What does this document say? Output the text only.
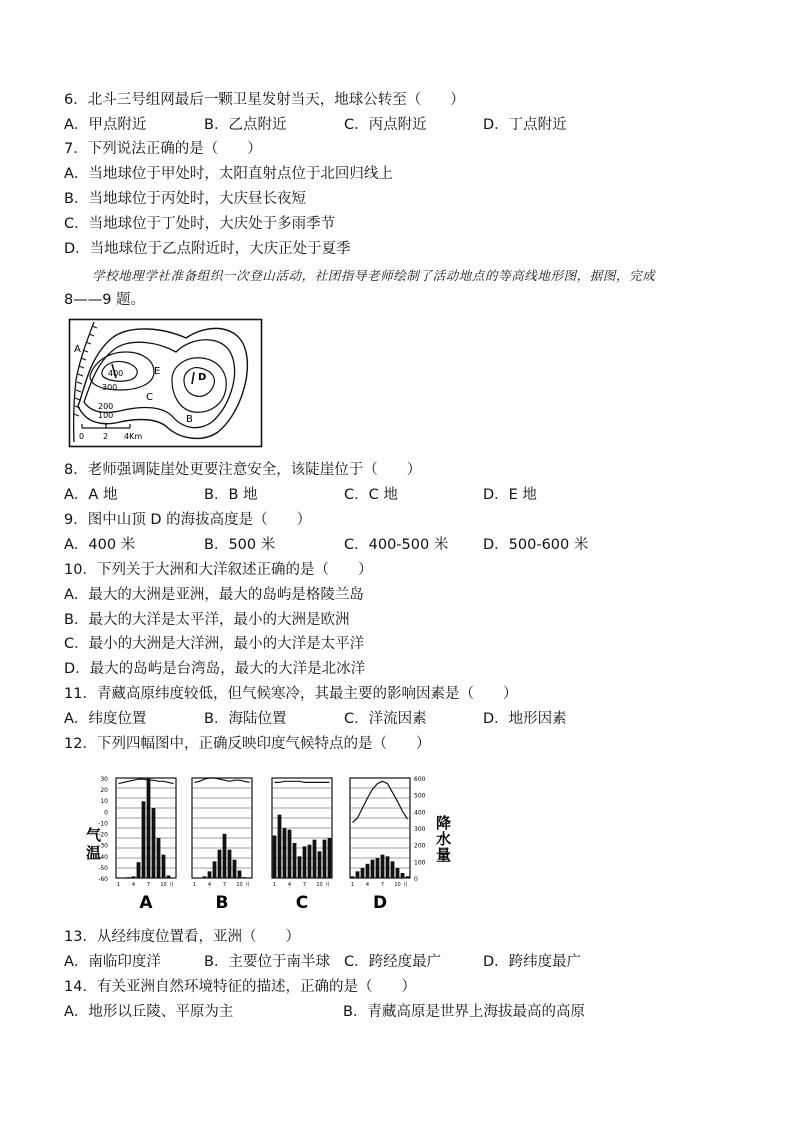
6．北斗三号组网最后一颗卫星发射当天，地球公转至（　　）
A．甲点附近	B．乙点附近	C．丙点附近	D．丁点附近
7．下列说法正确的是（　　）
A．当地球位于甲处时，太阳直射点位于北回归线上
B．当地球位于丙处时，大庆昼长夜短
C．当地球位于丁处时，大庆处于多雨季节
D．当地球位于乙点附近时，大庆正处于夏季
学校地理学社准备组织一次登山活动，社团指导老师绘制了活动地点的等高线地形图，据图，完成
8——9 题。
A
B
C
D
E
400
300
200
100
0 2 4Km
8．老师强调陡崖处更要注意安全，该陡崖位于（　　）
A．A 地	B．B 地	C．C 地	D．E 地
9．图中山顶 D 的海拔高度是（　　）
A．400 米	B．500 米	C．400-500 米 D．500-600 米
10．下列关于大洲和大洋叙述正确的是（　　）
A．最大的大洲是亚洲，最大的岛屿是格陵兰岛
B．最大的大洋是太平洋，最小的大洲是欧洲
C．最小的大洲是大洋洲，最小的大洋是太平洋
D．最大的岛屿是台湾岛，最大的大洋是北冰洋
11．青藏高原纬度较低，但气候寒冷，其最主要的影响因素是（　　）
A．纬度位置	B．海陆位置	C．洋流因素	D．地形因素
12．下列四幅图中，正确反映印度气候特点的是（　　）
气
温
降
水
量
30
20
10
0
-10
-20
-30
-40
-50
-60
600
500
400
300
200
100
0
1 4 7 10 月
A
1 4 7 10 月
B
1 4 7 10 月
C
1 4 7 10 月
D
13．从经纬度位置看，亚洲（　　）
A．南临印度洋	B．主要位于南半球 C．跨经度最广	D．跨纬度最广
14．有关亚洲自然环境特征的描述，正确的是（　　）
A．地形以丘陵、平原为主	B．青藏高原是世界上海拔最高的高原
